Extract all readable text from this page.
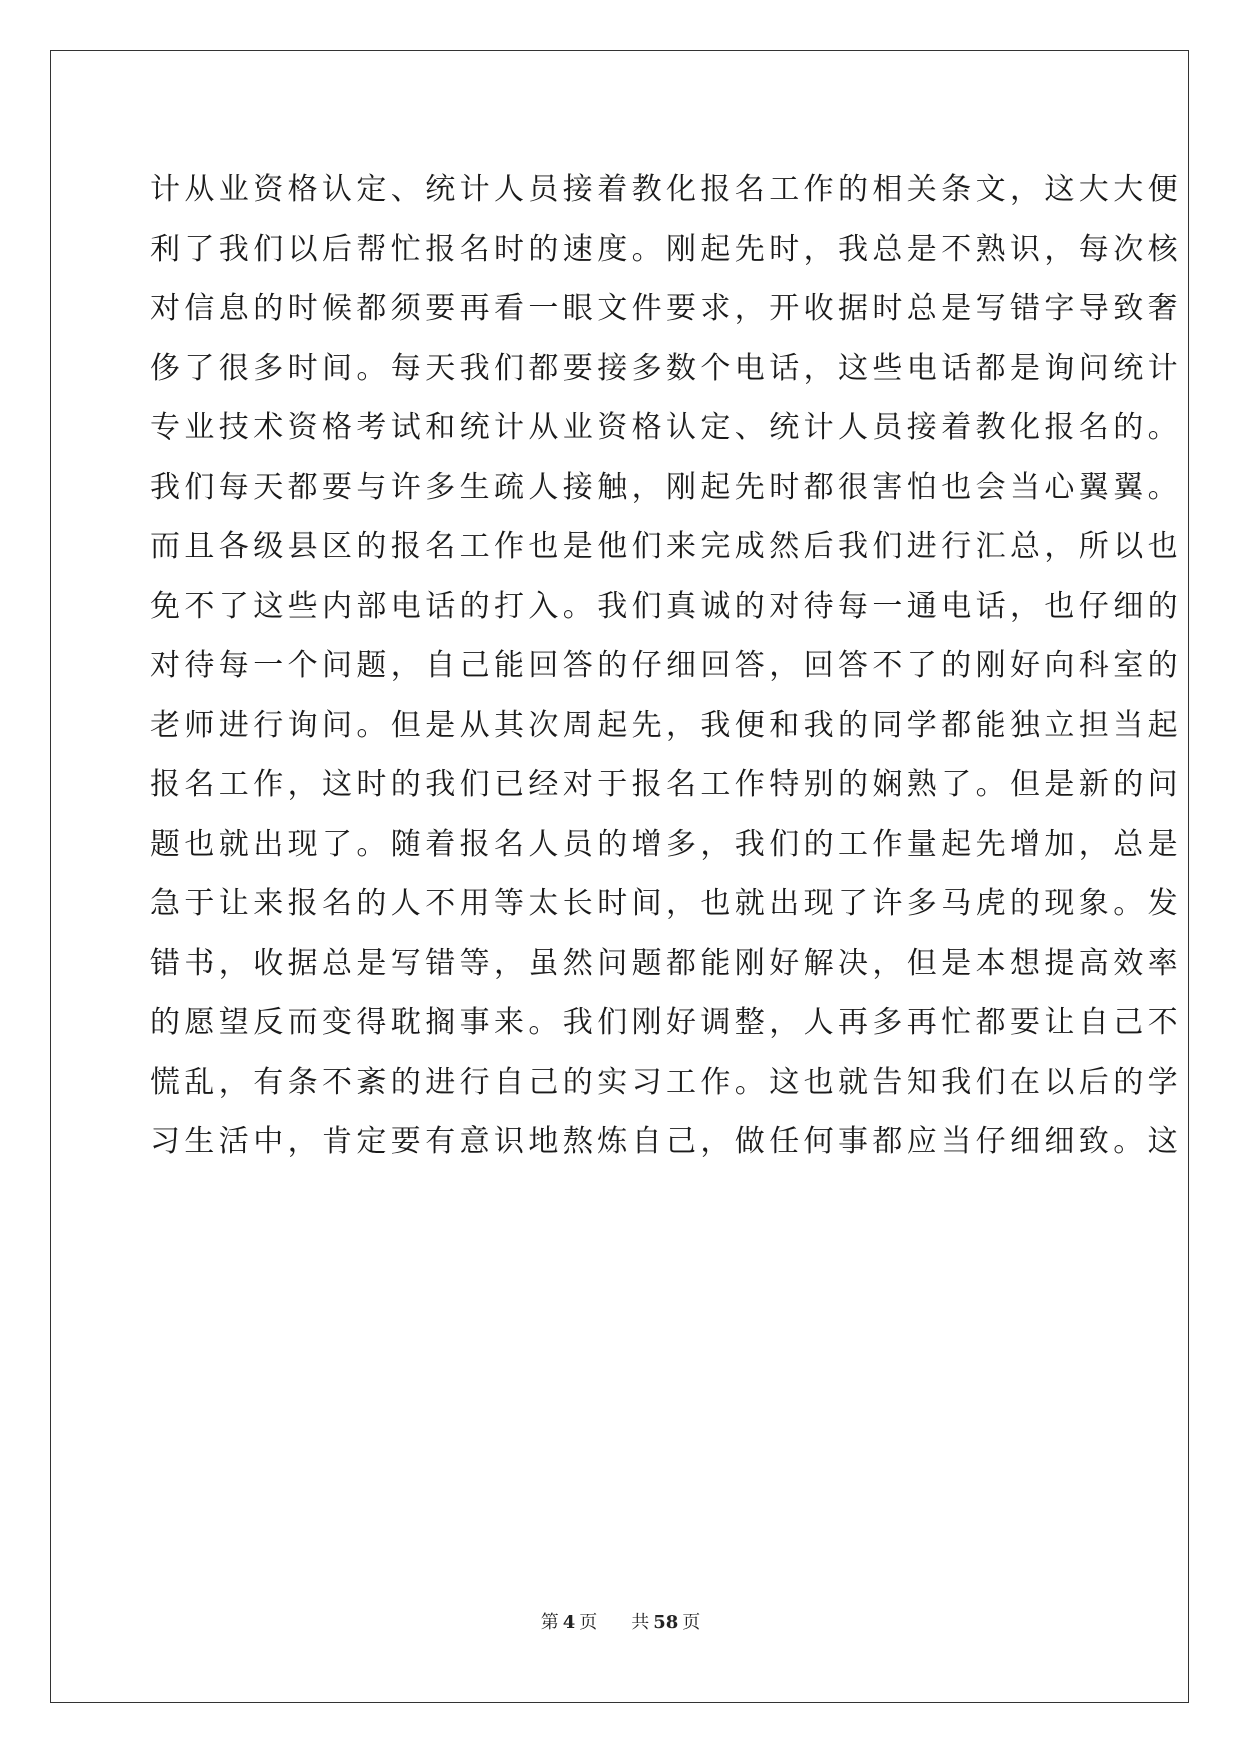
计从业资格认定、统计人员接着教化报名工作的相关条文，这大大便
利了我们以后帮忙报名时的速度。刚起先时，我总是不熟识，每次核
对信息的时候都须要再看一眼文件要求，开收据时总是写错字导致奢
侈了很多时间。每天我们都要接多数个电话，这些电话都是询问统计
专业技术资格考试和统计从业资格认定、统计人员接着教化报名的。
我们每天都要与许多生疏人接触，刚起先时都很害怕也会当心翼翼。
而且各级县区的报名工作也是他们来完成然后我们进行汇总，所以也
免不了这些内部电话的打入。我们真诚的对待每一通电话，也仔细的
对待每一个问题，自己能回答的仔细回答，回答不了的刚好向科室的
老师进行询问。但是从其次周起先，我便和我的同学都能独立担当起
报名工作，这时的我们已经对于报名工作特别的娴熟了。但是新的问
题也就出现了。随着报名人员的增多，我们的工作量起先增加，总是
急于让来报名的人不用等太长时间，也就出现了许多马虎的现象。发
错书，收据总是写错等，虽然问题都能刚好解决，但是本想提高效率
的愿望反而变得耽搁事来。我们刚好调整，人再多再忙都要让自己不
慌乱，有条不紊的进行自己的实习工作。这也就告知我们在以后的学
习生活中，肯定要有意识地熬炼自己，做任何事都应当仔细细致。这
第 4 页 共 58 页
